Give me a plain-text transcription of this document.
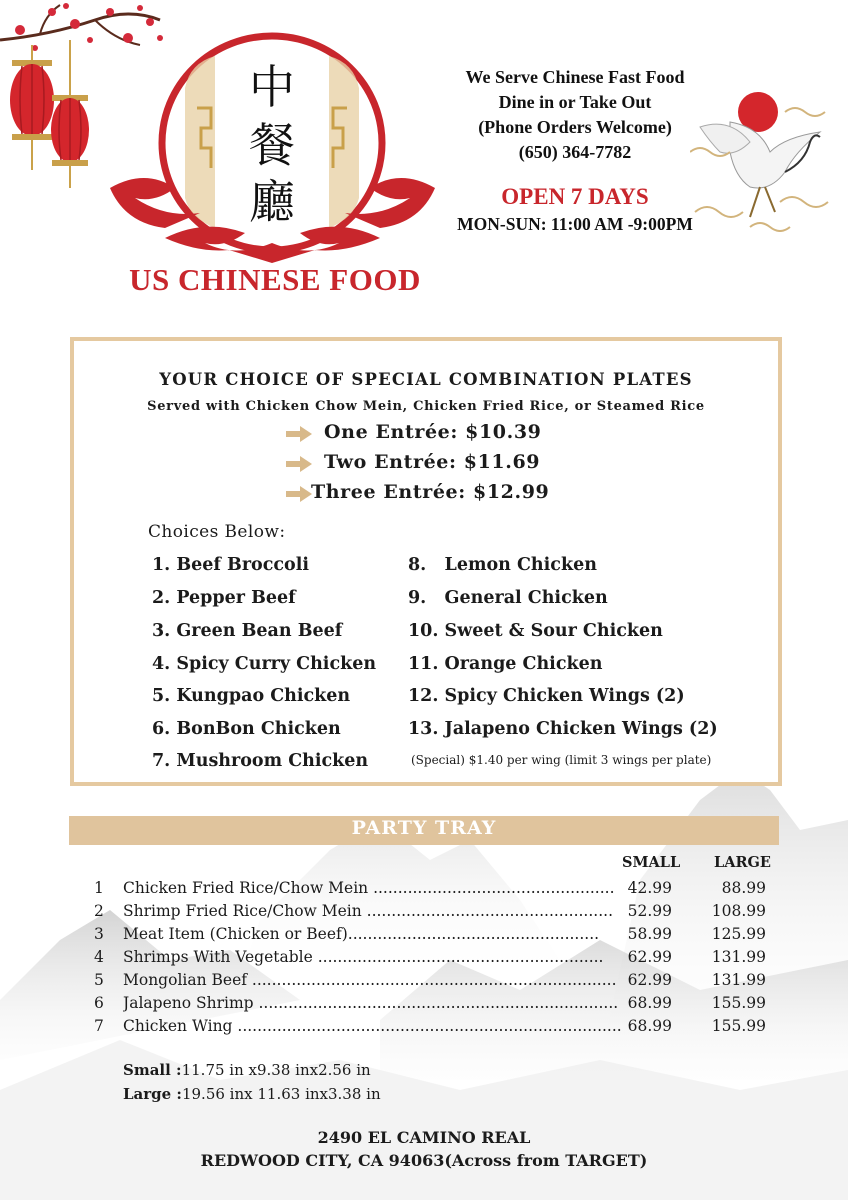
中
餐
廳
US CHINESE FOOD
We Serve Chinese Fast Food
Dine in or Take Out
(Phone Orders Welcome)
(650) 364-7782
OPEN 7 DAYS
MON-SUN: 11:00 AM -9:00PM
YOUR CHOICE OF SPECIAL COMBINATION PLATES
Served with Chicken Chow Mein, Chicken Fried Rice, or Steamed Rice
One Entrée: $10.39
Two Entrée: $11.69
Three Entrée: $12.99
Choices Below:
1. Beef Broccoli
2. Pepper Beef
3. Green Bean Beef
4. Spicy Curry Chicken
5. Kungpao Chicken
6. BonBon Chicken
7. Mushroom Chicken
8.   Lemon Chicken
9.   General Chicken
10. Sweet & Sour Chicken
11. Orange Chicken
12. Spicy Chicken Wings (2)
13. Jalapeno Chicken Wings (2)
(Special) $1.40 per wing (limit 3 wings per plate)
PARTY TRAY
SMALL LARGE
1 Chicken Fried Rice/Chow Mein ................................................. 42.99	88.99
2 Shrimp Fried Rice/Chow Mein .................................................. 52.99	108.99
3 Meat Item (Chicken or Beef)...................................................	58.99	125.99
4 Shrimps With Vegetable ..........................................................	62.99	131.99
5 Mongolian Beef .......................................................................... 62.99	131.99
6 Jalapeno Shrimp ......................................................................... 68.99	155.99
7 Chicken Wing .............................................................................. 68.99	155.99
Small :11.75 in x9.38 inx2.56 in
Large :19.56 inx 11.63 inx3.38 in
2490 EL CAMINO REAL
REDWOOD CITY, CA 94063(Across from TARGET)
